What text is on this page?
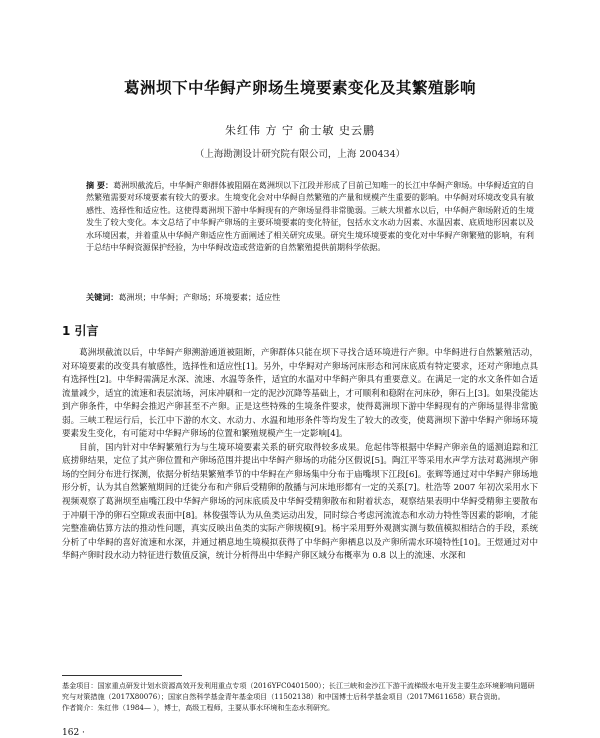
葛洲坝下中华鲟产卵场生境要素变化及其繁殖影响
朱红伟 方 宁 俞士敏 史云鹏
（上海勘测设计研究院有限公司，上海 200434）
摘 要：葛洲坝截流后，中华鲟产卵群体被阻隔在葛洲坝以下江段并形成了目前已知唯一的长江中华鲟产卵场。中华鲟适宜的自然繁殖需要对环境要素有较大的要求。生境变化会对中华鲟自然繁殖的产量和规模产生重要的影响。中华鲟对环境改变具有敏感性、选择性和适应性。这使得葛洲坝下游中华鲟现有的产卵场显得非常脆弱。三峡大坝蓄水以后，中华鲟产卵场附近的生境发生了较大变化。本文总结了中华鲟产卵场的主要环境要素的变化特征，包括水文水动力因素、水温因素、底质地形因素以及水环境因素，并着重从中华鲟产卵适应性方面阐述了相关研究成果。研究生境环境要素的变化对中华鲟产卵繁殖的影响，有利于总结中华鲟资源保护经验，为中华鲟改造或营造新的自然繁殖提供前期科学依据。
关键词：葛洲坝；中华鲟；产卵场；环境要素；适应性
1 引言

葛洲坝截流以后，中华鲟产卵溯游通道被阻断，产卵群体只能在坝下寻找合适环境进行产卵。中华鲟进行自然繁殖活动，对环境要素的改变具有敏感性，选择性和适应性[1]。另外，中华鲟对产卵场河床形态和河床底质有特定要求，还对产卵地点具有选择性[2]。中华鲟需满足水深、流速、水温等条件，适宜的水温对中华鲟产卵具有重要意义。在满足一定的水文条件如合适流量减少，适宜的流速和表层流场，河床冲刷和一定的泥沙沉降等基础上，才可顺利和稳附在河床砂，卵石上[3]。如果没能达到产卵条件，中华鲟会推迟产卵甚至不产卵。正是这些特殊的生境条件要求，使得葛洲坝下游中华鲟现有的产卵场显得非常脆弱。三峡工程运行后，长江中下游的水文、水动力、水温和地形条件等均发生了较大的改变，使葛洲坝下游中华鲟产卵场环境要素发生变化，有可能对中华鲟产卵场的位置和繁殖规模产生一定影响[4]。

目前，国内针对中华鲟繁殖行为与生境环境要素关系的研究取得较多成果。危起伟等根据中华鲟产卵亲鱼的遥测追踪和江底捞卵结果，定位了其产卵位置和产卵场范围并提出中华鲟产卵场的功能分区假说[5]。陶江平等采用水声学方法对葛洲坝产卵场的空间分布进行探测，依据分析结果繁殖季节的中华鲟在产卵场集中分布于庙嘴坝下江段[6]。张辉等通过对中华鲟产卵场地形分析，认为其自然繁殖期间的迁徙分布和产卵后受精卵的散播与河床地形都有一定的关系[7]。杜浩等 2007 年初次采用水下视频观察了葛洲坝至庙嘴江段中华鲟产卵场的河床底质及中华鲟受精卵散布和附着状态，观察结果表明中华鲟受精卵主要散布于冲刷干净的卵石空隙或表面中[8]。林俊强等认为从鱼类运动出发，同时综合考虑河流流态和水动力特性等因素的影响，才能完整准确估算方法的推动性问题，真实反映出鱼类的实际产卵规模[9]。杨宇采用野外观测实测与数值模拟相结合的手段，系统分析了中华鲟的喜好流速和水深，并通过栖息地生境模拟获得了中华鲟产卵栖息以及产卵所需水环境特性[10]。王煜通过对中华鲟产卵时段水动力特征进行数值反演，统计分析得出中华鲟产卵区域分布概率为 0.8 以上的流速、水深和

基金项目：国家重点研发计划水资源高效开发利用重点专项（2016YFC0401500）；长江三峡和金沙江下游干流梯级水电开发主要生态环境影响问题研究与对策措施（2017X80076）；国家自然科学基金青年基金项目（11502138）和中国博士后科学基金项目（2017M611658）联合资助。
作者简介：朱红伟（1984— ），博士，高级工程师，主要从事水环境和生态水利研究。
162 ·
